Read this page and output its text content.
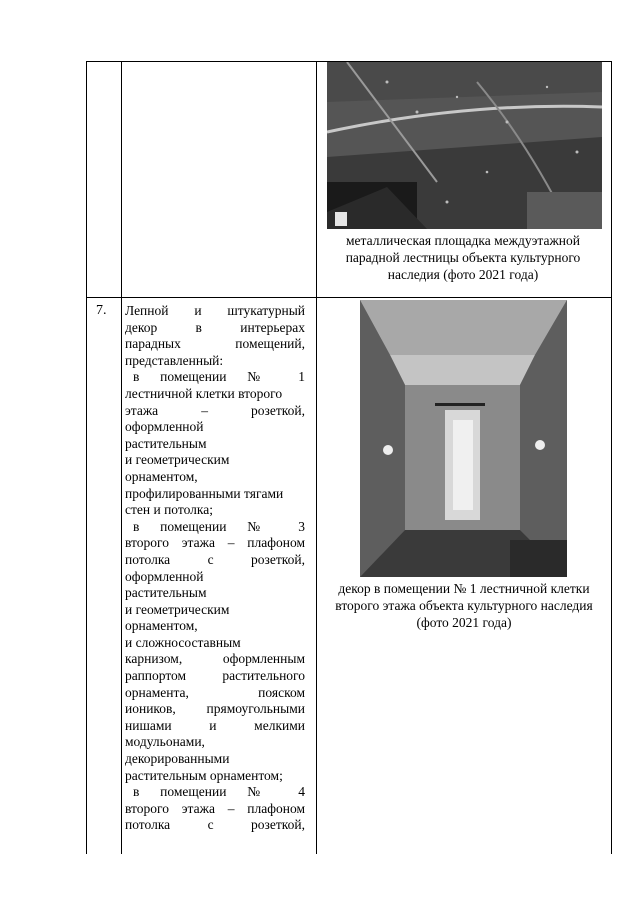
металлическая площадка междуэтажной
парадной лестницы объекта культурного
наследия (фото 2021 года)
7. Лепной и штукатурный

декор в интерьерах

парадных помещений,

представленный:

в помещении № 1

лестничной клетки второго

этажа – розеткой,

оформленной

растительным

и геометрическим

орнаментом,

профилированными тягами

стен и потолка;

в помещении № 3

второго этажа – плафоном

потолка с розеткой,

оформленной

растительным

и геометрическим

орнаментом,

и сложносоставным

карнизом, оформленным

раппортом растительного

орнамента, пояском

иоников, прямоугольными

нишами и мелкими

модульонами,

декорированными

растительным орнаментом;

в помещении № 4

второго этажа – плафоном

потолка с розеткой,

декор в помещении № 1 лестничной клетки
второго этажа объекта культурного наследия
(фото 2021 года)
